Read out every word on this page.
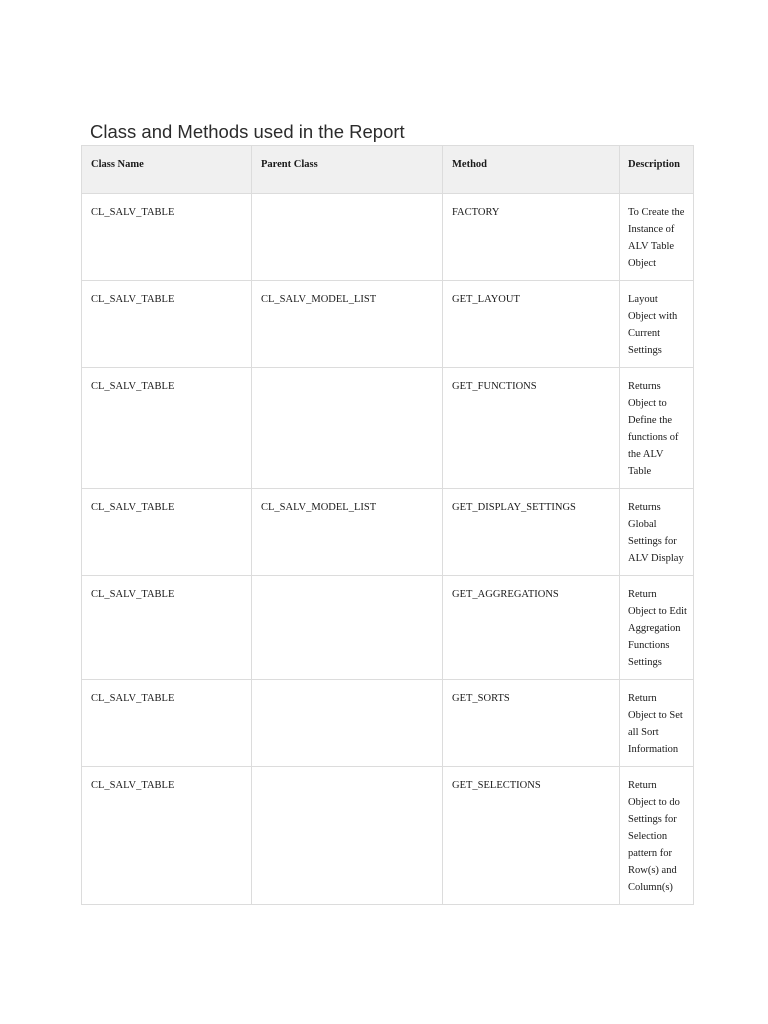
Class and Methods used in the Report
Class Name	Parent Class	Method	Description
CL_SALV_TABLE		FACTORY	To Create the Instance of ALV Table Object
CL_SALV_TABLE	CL_SALV_MODEL_LIST	GET_LAYOUT	Layout Object with Current Settings
CL_SALV_TABLE		GET_FUNCTIONS	Returns Object to Define the functions of the ALV Table
CL_SALV_TABLE	CL_SALV_MODEL_LIST	GET_DISPLAY_SETTINGS	Returns Global Settings for ALV Display
CL_SALV_TABLE		GET_AGGREGATIONS	Return Object to Edit Aggregation Functions Settings
CL_SALV_TABLE		GET_SORTS	Return Object to Set all Sort Information
CL_SALV_TABLE		GET_SELECTIONS	Return Object to do Settings for Selection pattern for Row(s) and Column(s)
